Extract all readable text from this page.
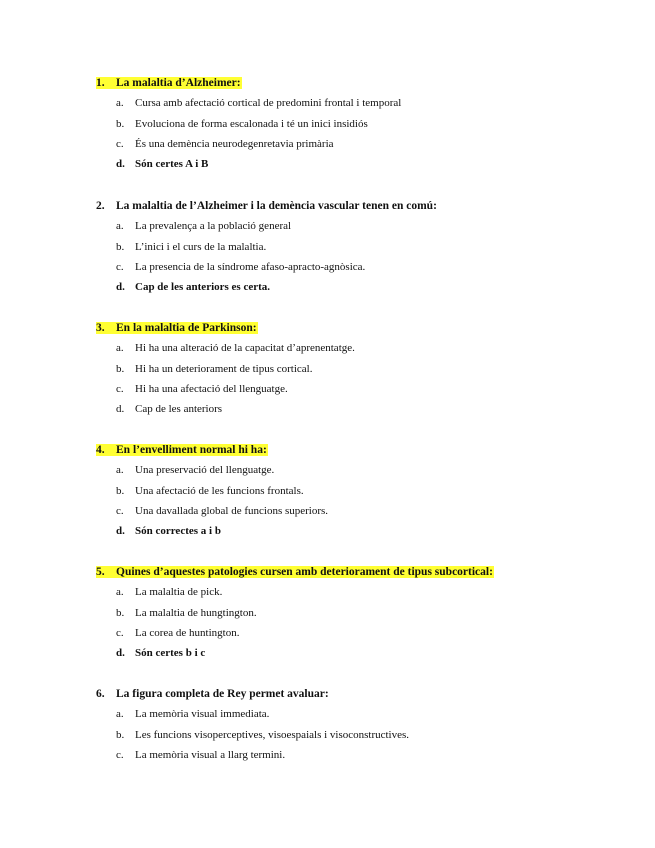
1. La malaltia d’Alzheimer:
a. Cursa amb afectació cortical de predomini frontal i temporal
b. Evoluciona de forma escalonada i té un inici insidiós
c. És una demència neurodegenretavia primària
d. Són certes A i B
2. La malaltia de l’Alzheimer i la demència vascular tenen en comú:
a. La prevalença a la població general
b. L’inici i el curs de la malaltia.
c. La presencia de la síndrome afaso-apracto-agnòsica.
d. Cap de les anteriors es certa.
3. En la malaltia de Parkinson:
a. Hi ha una alteració de la capacitat d’aprenentatge.
b. Hi ha un deteriorament de tipus cortical.
c. Hi ha una afectació del llenguatge.
d. Cap de les anteriors
4. En l’envelliment normal hi ha:
a. Una preservació del llenguatge.
b. Una afectació de les funcions frontals.
c. Una davallada global de funcions superiors.
d. Són correctes a i b
5. Quines d’aquestes patologies cursen amb deteriorament de tipus subcortical:
a. La malaltia de pick.
b. La malaltia de hungtington.
c. La corea de huntington.
d. Són certes b i c
6. La figura completa de Rey permet avaluar:
a. La memòria visual immediata.
b. Les funcions visoperceptives, visoespaials i visoconstructives.
c. La memòria visual a llarg termini.
